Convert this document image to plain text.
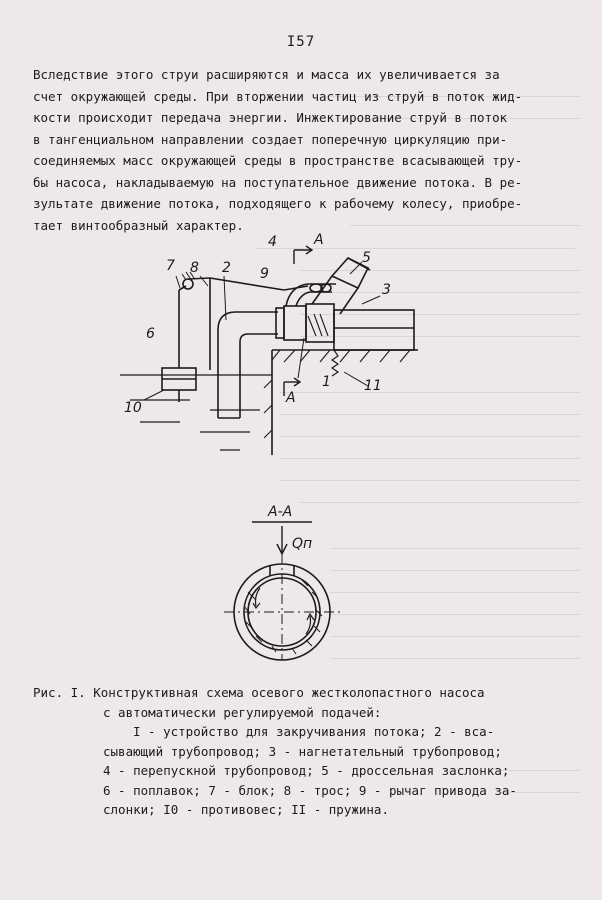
I57
Вследствие этого струи расширяются и масса их увеличивается за
счет окружающей среды. При вторжении частиц из струй в поток жид-
кости происходит передача энергии. Инжектирование струй в поток
в тангенциальном направлении создает поперечную циркуляцию при-
соединяемых масс окружающей среды в пространстве всасывающей тру-
бы насоса, накладываемую на поступательное движение потока. В ре-
зультате движение потока, подходящего к рабочему колесу, приобре-
тает винтообразный характер.
7 8 2
4	А
9
5
3
6
10
1 11
А
А-А
Qп
Рис. I. Конструктивная схема осевого жестколопастного насоса
с автоматически регулируемой подачей:
I - устройство для закручивания потока; 2 - вса-
сывающий трубопровод; 3 - нагнетательный трубопровод;
4 - перепускной трубопровод; 5 - дроссельная заслонка;
6 - поплавок; 7 - блок; 8 - трос; 9 - рычаг привода за-
слонки; I0 - противовес; II - пружина.
